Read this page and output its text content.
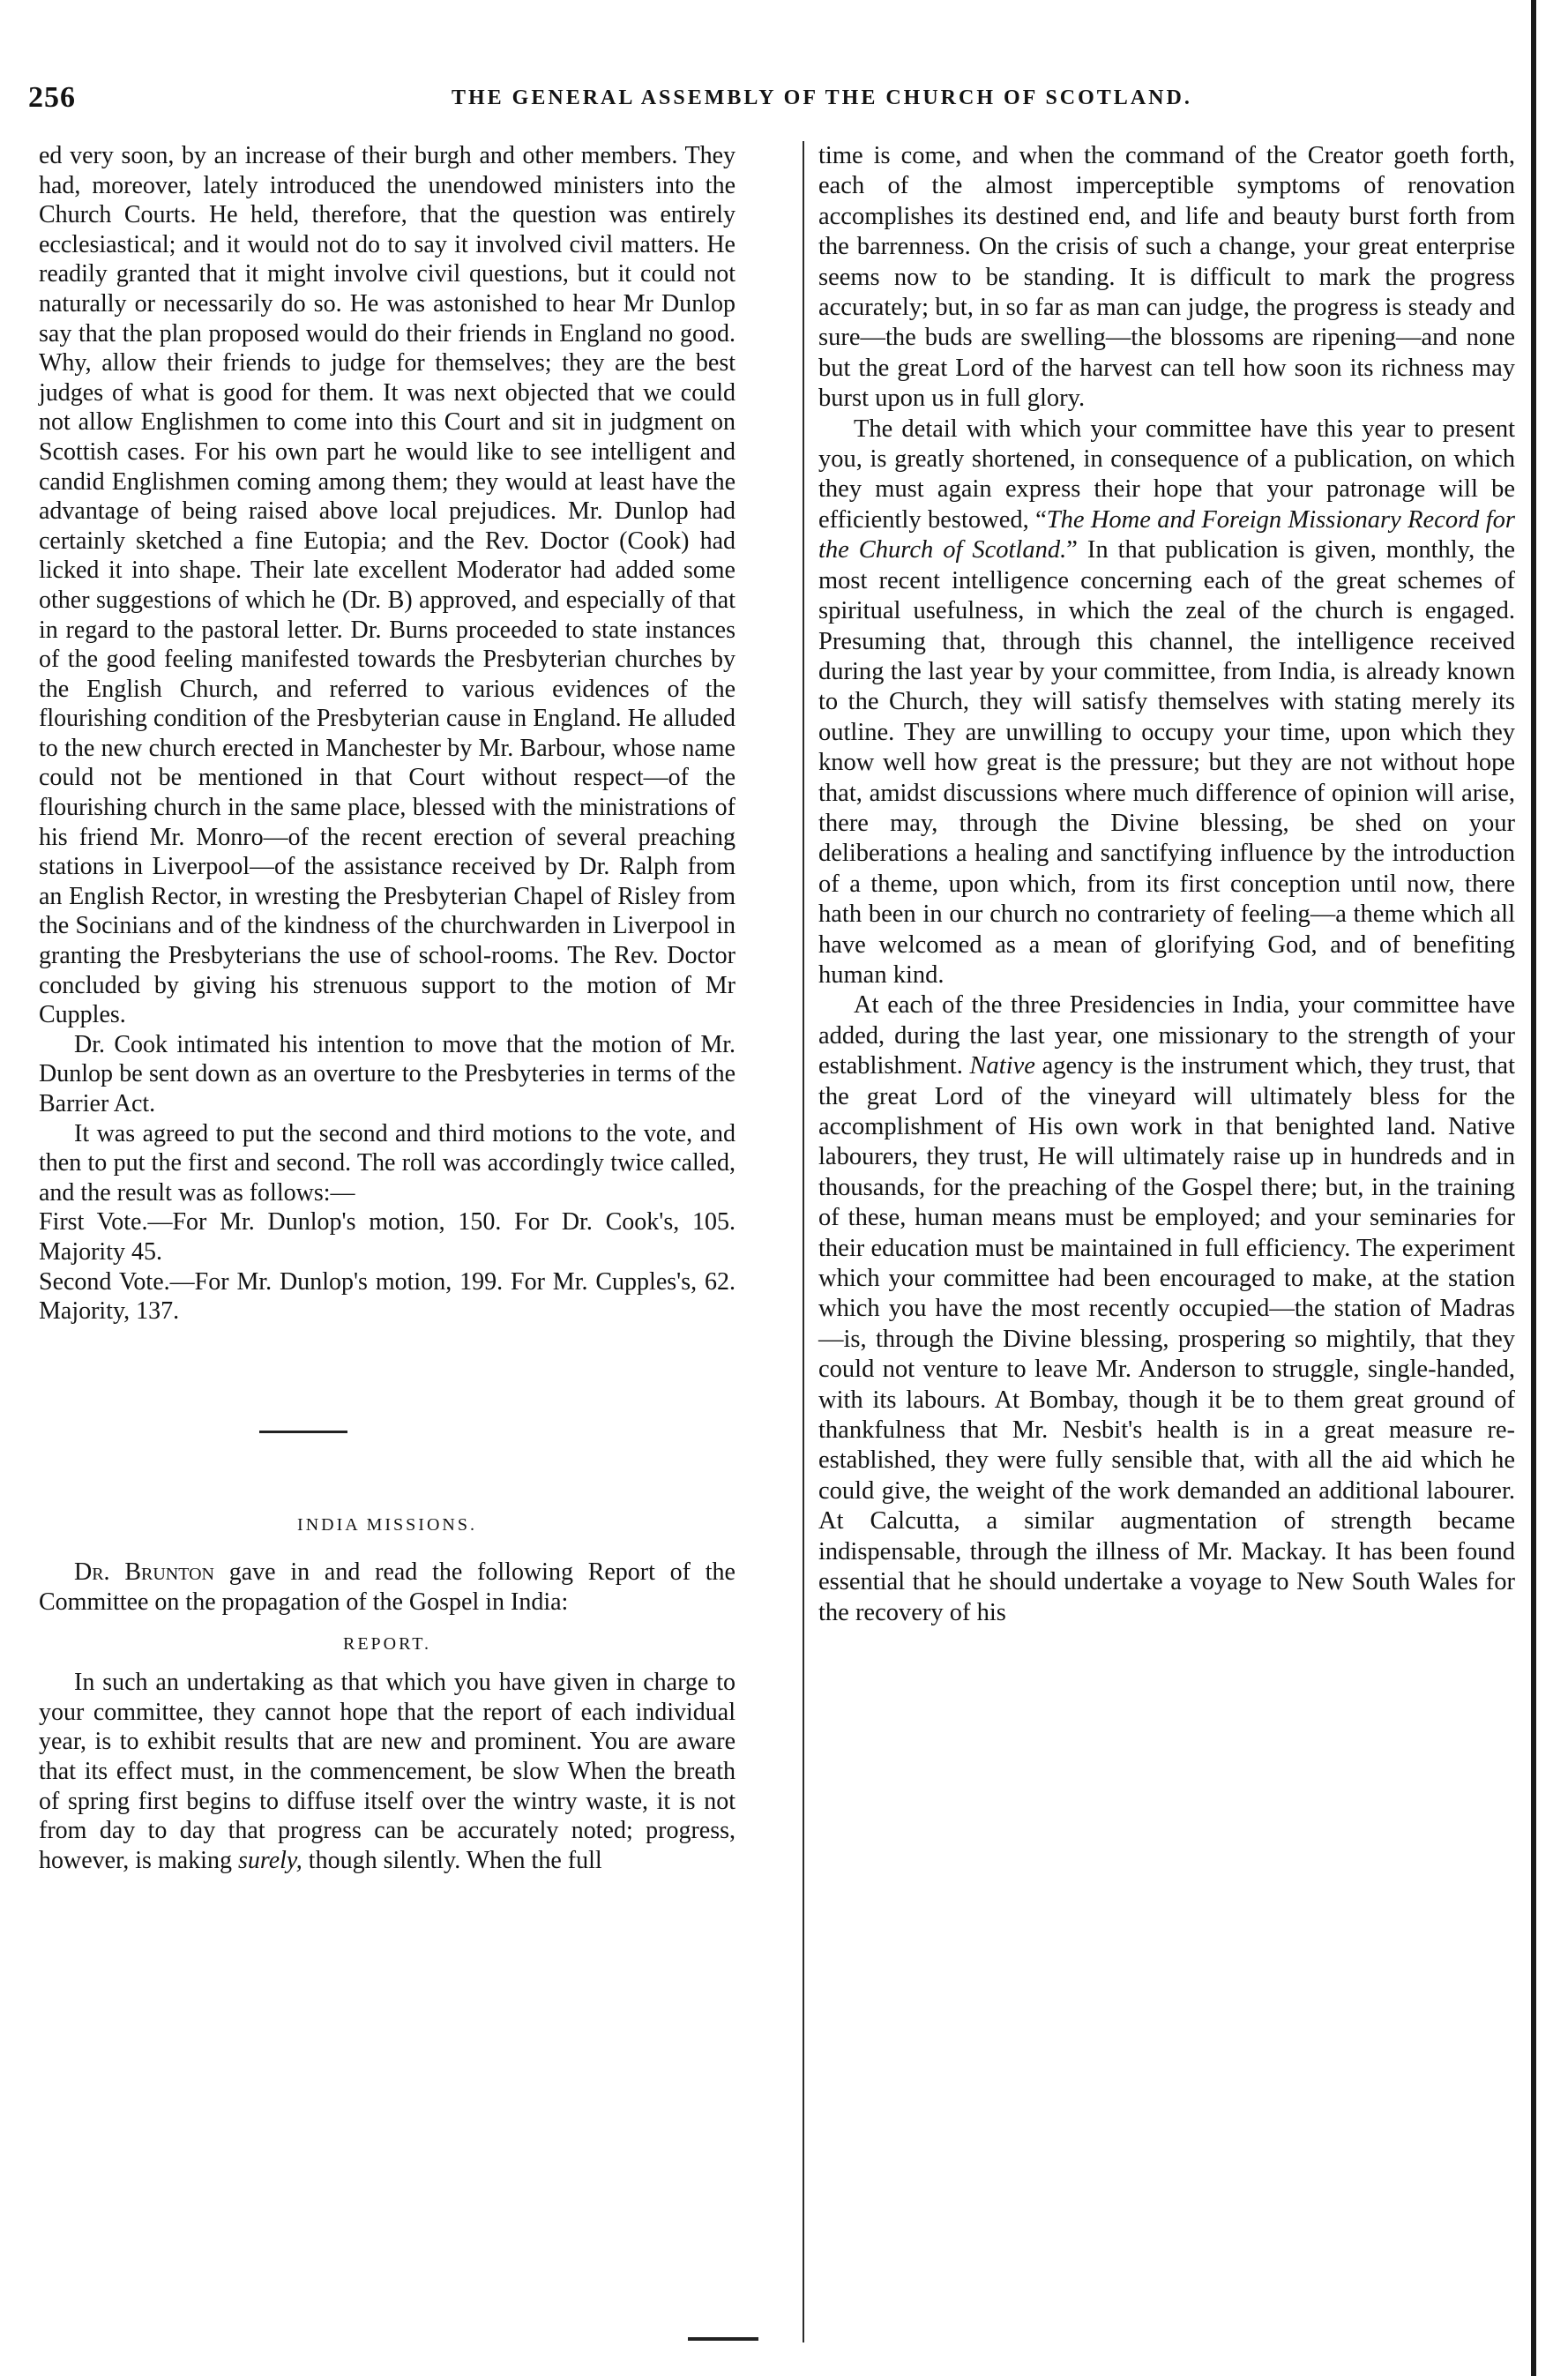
256	THE GENERAL ASSEMBLY OF THE CHURCH OF SCOTLAND.

ed very soon, by an increase of their burgh and other members. They had, moreover, lately introduced the unendowed ministers into the Church Courts. He held, therefore, that the question was entirely ecclesiastical; and it would not do to say it involved civil matters. He readily granted that it might involve civil questions, but it could not naturally or necessarily do so. He was astonished to hear Mr Dunlop say that the plan proposed would do their friends in England no good. Why, allow their friends to judge for themselves; they are the best judges of what is good for them. It was next objected that we could not allow Englishmen to come into this Court and sit in judgment on Scottish cases. For his own part he would like to see intelligent and candid Englishmen coming among them; they would at least have the advantage of being raised above local prejudices. Mr. Dunlop had certainly sketched a fine Eutopia; and the Rev. Doctor (Cook) had licked it into shape. Their late excellent Moderator had added some other suggestions of which he (Dr. B) approved, and especially of that in regard to the pastoral letter. Dr. Burns proceeded to state instances of the good feeling manifested towards the Presbyterian churches by the English Church, and referred to various evidences of the flourishing condition of the Presbyterian cause in England. He alluded to the new church erected in Manchester by Mr. Barbour, whose name could not be mentioned in that Court without respect—of the flourishing church in the same place, blessed with the ministrations of his friend Mr. Monro—of the recent erection of several preaching stations in Liverpool—of the assistance received by Dr. Ralph from an English Rector, in wresting the Presbyterian Chapel of Risley from the Socinians and of the kindness of the churchwarden in Liverpool in granting the Presbyterians the use of school-rooms. The Rev. Doctor concluded by giving his strenuous support to the motion of Mr Cupples.

Dr. Cook intimated his intention to move that the motion of Mr. Dunlop be sent down as an overture to the Presbyteries in terms of the Barrier Act.

It was agreed to put the second and third motions to the vote, and then to put the first and second. The roll was accordingly twice called, and the result was as follows:—

First Vote.—For Mr. Dunlop's motion, 150. For Dr. Cook's, 105. Majority 45.

Second Vote.—For Mr. Dunlop's motion, 199. For Mr. Cupples's, 62. Majority, 137.

INDIA MISSIONS.

Dr. Brunton gave in and read the following Report of the Committee on the propagation of the Gospel in India:

REPORT.

In such an undertaking as that which you have given in charge to your committee, they cannot hope that the report of each individual year, is to exhibit results that are new and prominent. You are aware that its effect must, in the commencement, be slow When the breath of spring first begins to diffuse itself over the wintry waste, it is not from day to day that progress can be accurately noted; progress, however, is making surely, though silently. When the full

time is come, and when the command of the Creator goeth forth, each of the almost imperceptible symptoms of renovation accomplishes its destined end, and life and beauty burst forth from the barrenness. On the crisis of such a change, your great enterprise seems now to be standing. It is difficult to mark the progress accurately; but, in so far as man can judge, the progress is steady and sure—the buds are swelling—the blossoms are ripening—and none but the great Lord of the harvest can tell how soon its richness may burst upon us in full glory.

The detail with which your committee have this year to present you, is greatly shortened, in consequence of a publication, on which they must again express their hope that your patronage will be efficiently bestowed, “The Home and Foreign Missionary Record for the Church of Scotland.” In that publication is given, monthly, the most recent intelligence concerning each of the great schemes of spiritual usefulness, in which the zeal of the church is engaged. Presuming that, through this channel, the intelligence received during the last year by your committee, from India, is already known to the Church, they will satisfy themselves with stating merely its outline. They are unwilling to occupy your time, upon which they know well how great is the pressure; but they are not without hope that, amidst discussions where much difference of opinion will arise, there may, through the Divine blessing, be shed on your deliberations a healing and sanctifying influence by the introduction of a theme, upon which, from its first conception until now, there hath been in our church no contrariety of feeling—a theme which all have welcomed as a mean of glorifying God, and of benefiting human kind.

At each of the three Presidencies in India, your committee have added, during the last year, one missionary to the strength of your establishment. Native agency is the instrument which, they trust, that the great Lord of the vineyard will ultimately bless for the accomplishment of His own work in that benighted land. Native labourers, they trust, He will ultimately raise up in hundreds and in thousands, for the preaching of the Gospel there; but, in the training of these, human means must be employed; and your seminaries for their education must be maintained in full efficiency. The experiment which your committee had been encouraged to make, at the station which you have the most recently occupied—the station of Madras—is, through the Divine blessing, prospering so mightily, that they could not venture to leave Mr. Anderson to struggle, single-handed, with its labours. At Bombay, though it be to them great ground of thankfulness that Mr. Nesbit's health is in a great measure re-established, they were fully sensible that, with all the aid which he could give, the weight of the work demanded an additional labourer. At Calcutta, a similar augmentation of strength became indispensable, through the illness of Mr. Mackay. It has been found essential that he should undertake a voyage to New South Wales for the recovery of his
